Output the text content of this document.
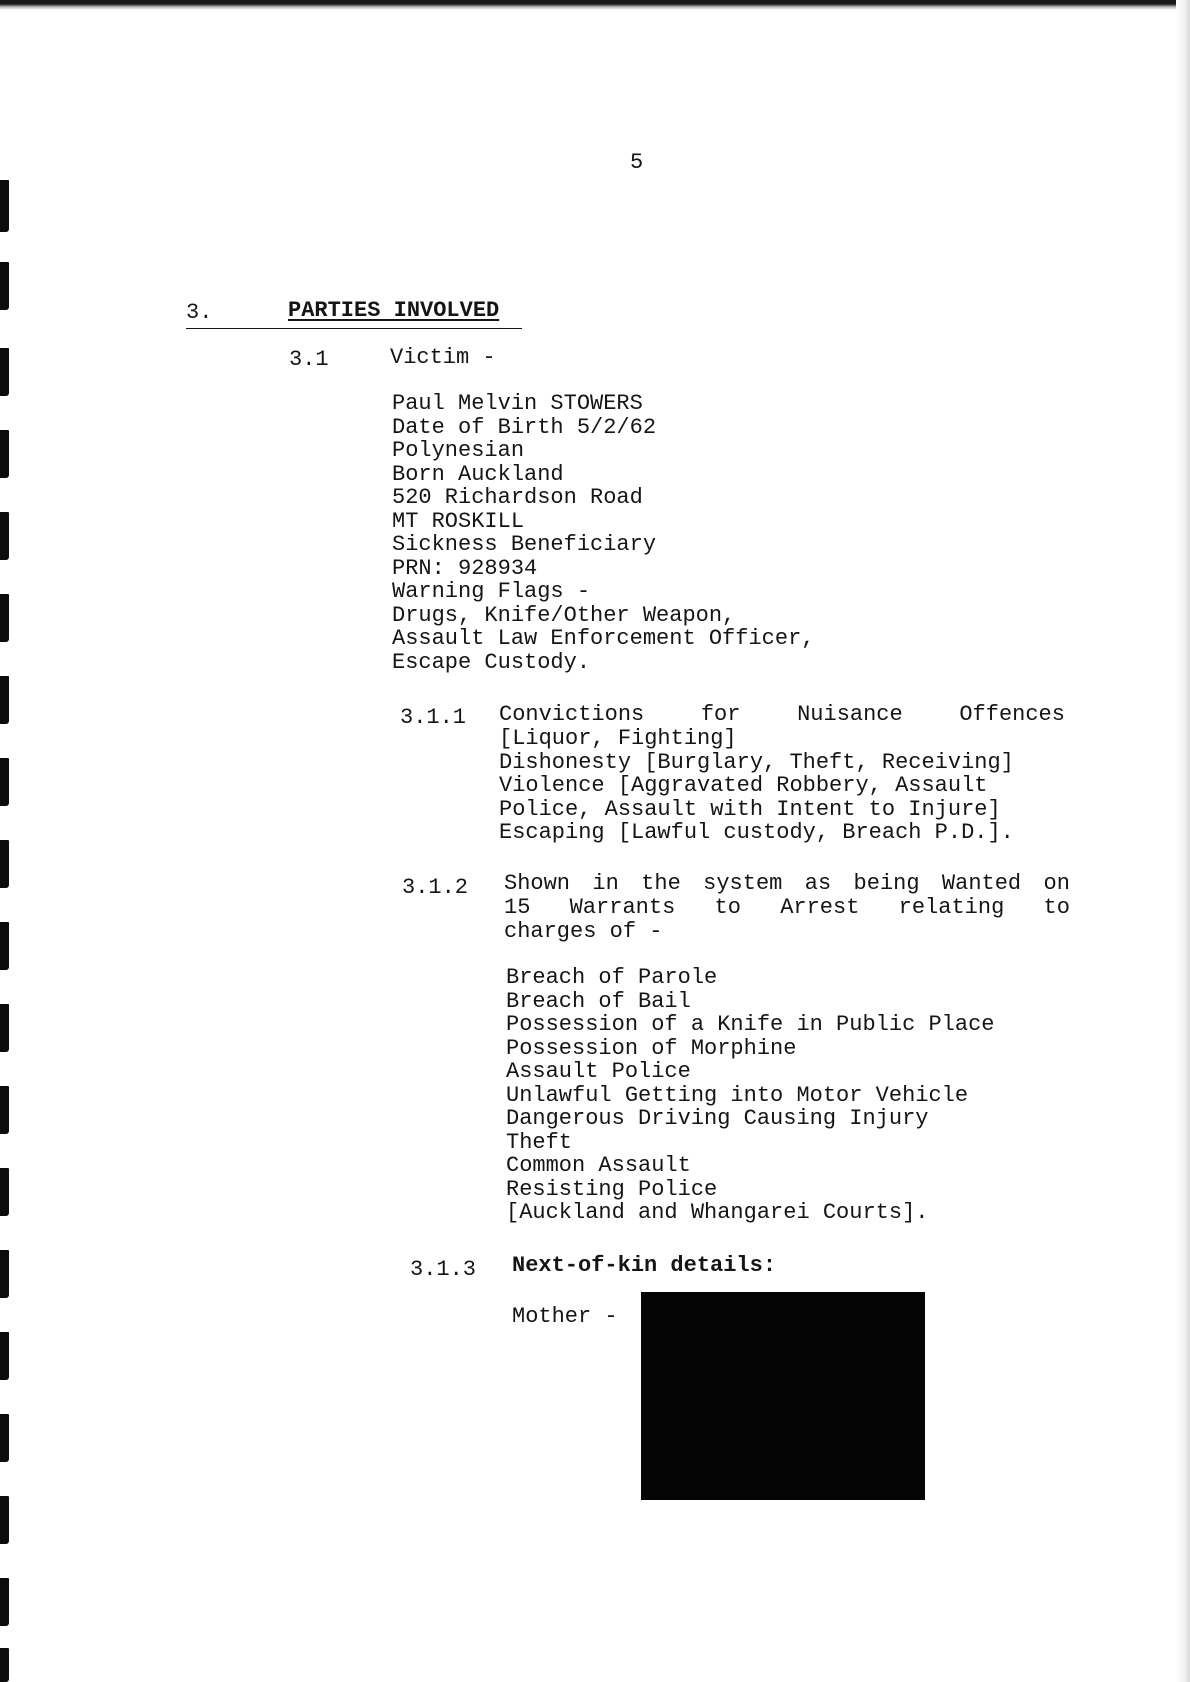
5
3.	PARTIES INVOLVED
3.1	Victim -
Paul Melvin STOWERS
Date of Birth 5/2/62
Polynesian
Born Auckland
520 Richardson Road
MT ROSKILL
Sickness Beneficiary
PRN: 928934
Warning Flags -
Drugs, Knife/Other Weapon,
Assault Law Enforcement Officer,
Escape Custody.
3.1.1 Convictions	for	Nuisance	Offences
[Liquor, Fighting]
Dishonesty [Burglary, Theft, Receiving]
Violence [Aggravated Robbery, Assault
Police, Assault with Intent to Injure]
Escaping [Lawful custody, Breach P.D.].
3.1.2 Shown in the system as being Wanted on
15 Warrants to Arrest relating to
charges of -
Breach of Parole
Breach of Bail
Possession of a Knife in Public Place
Possession of Morphine
Assault Police
Unlawful Getting into Motor Vehicle
Dangerous Driving Causing Injury
Theft
Common Assault
Resisting Police
[Auckland and Whangarei Courts].
3.1.3 Next-of-kin details:
Mother -
